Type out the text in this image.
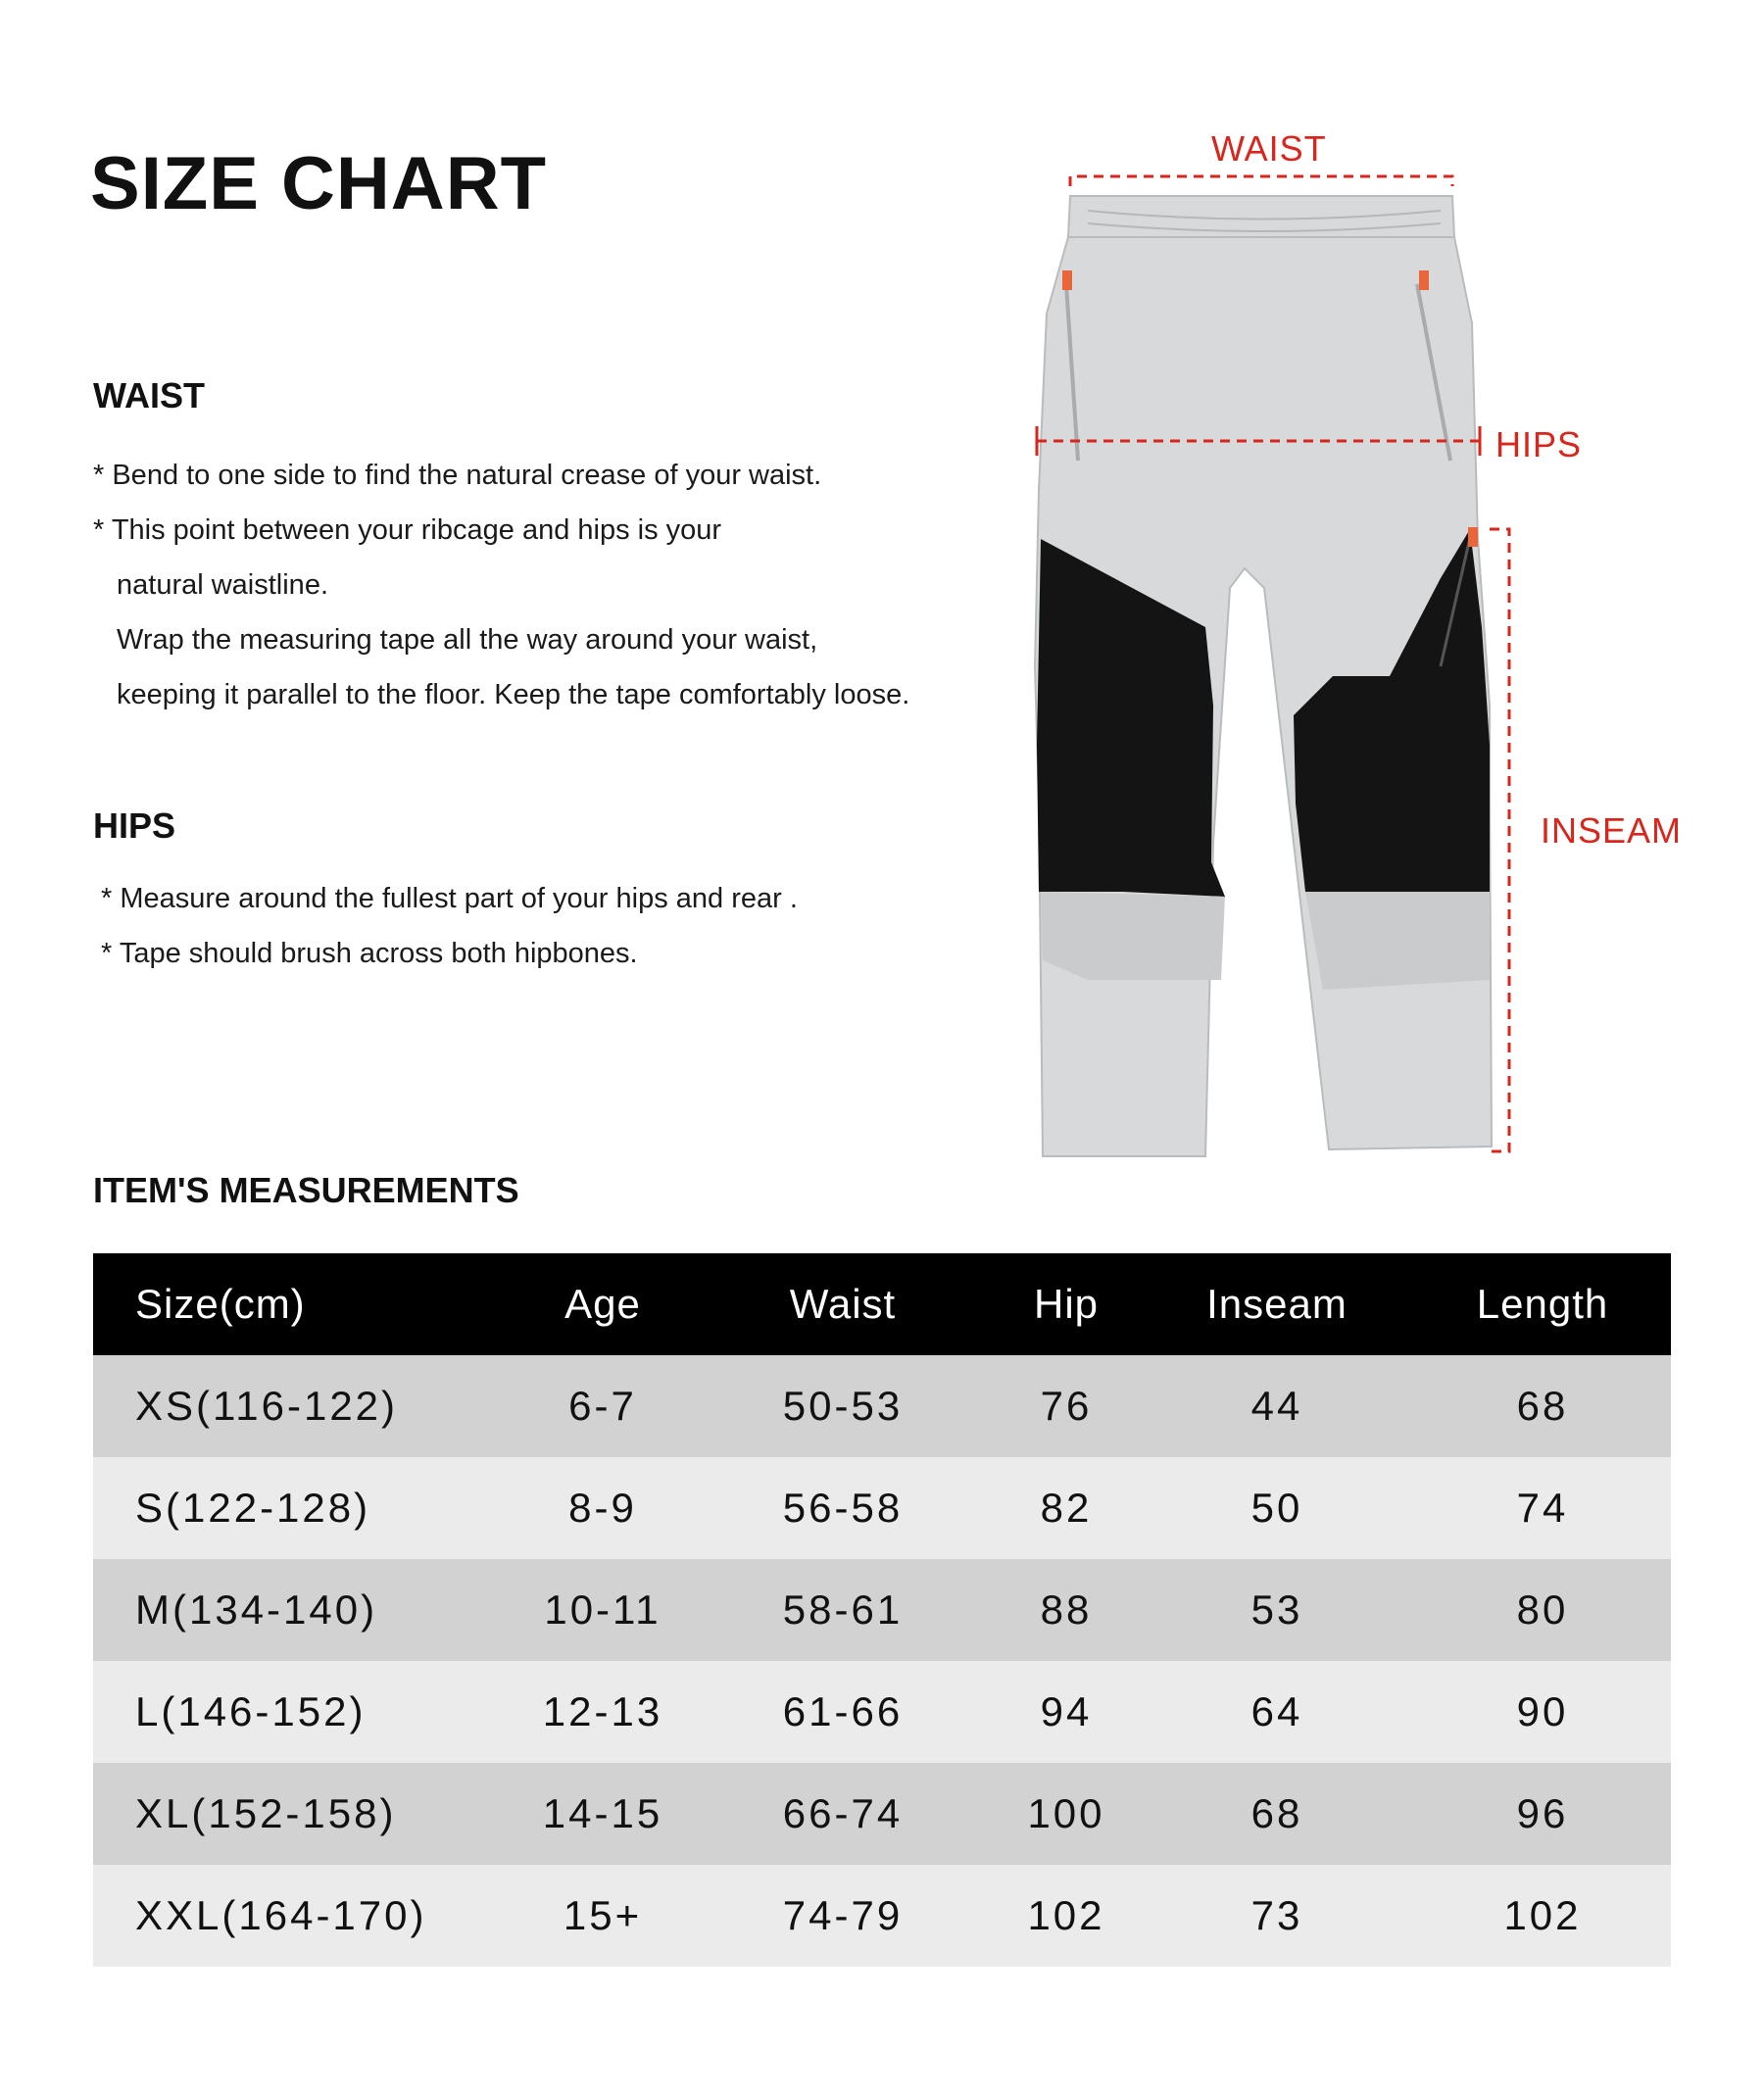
SIZE CHART
WAIST
* Bend to one side to find the natural crease of your waist.
* This point between your ribcage and hips is your
natural waistline.
Wrap the measuring tape all the way around your waist,
keeping it parallel to the floor. Keep the tape comfortably loose.
HIPS
* Measure around the fullest part of your hips and rear .
* Tape should brush across both hipbones.

WAIST

HIPS

INSEAM

ITEM'S MEASUREMENTS
Size(cm)	Age	Waist	Hip	Inseam	Length
XS(116-122)	6-7	50-53	76	44	68
S(122-128)	8-9	56-58	82	50	74
M(134-140)	10-11	58-61	88	53	80
L(146-152)	12-13	61-66	94	64	90
XL(152-158)	14-15	66-74	100	68	96
XXL(164-170)	15+	74-79	102	73	102
